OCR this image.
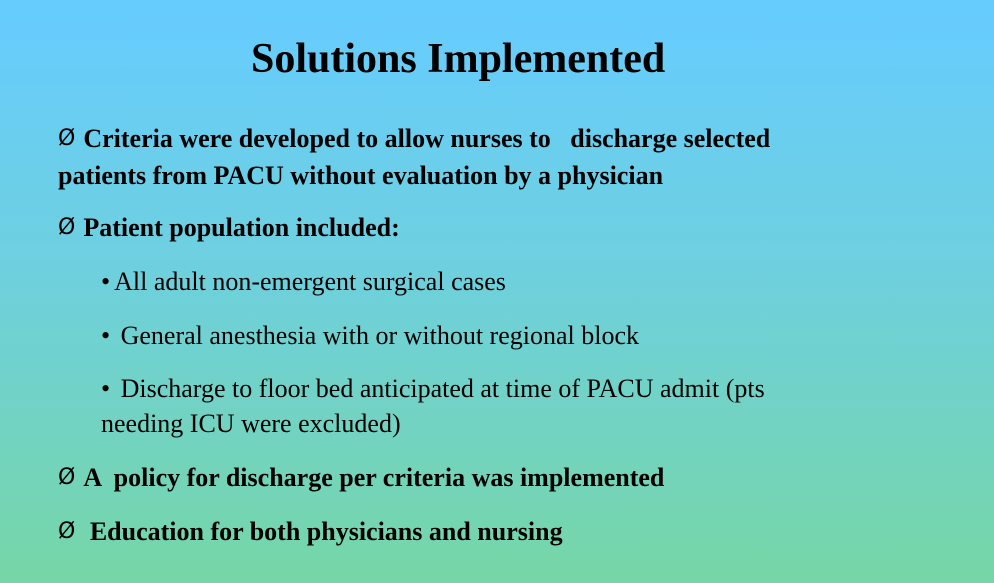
Solutions Implemented
Ø Criteria were developed to allow nurses to   discharge selected
patients from PACU without evaluation by a physician
Ø Patient population included:
• All adult non-emergent surgical cases
• General anesthesia with or without regional block
• Discharge to floor bed anticipated at time of PACU admit (pts
needing ICU were excluded)
Ø A  policy for discharge per criteria was implemented
Ø Education for both physicians and nursing
